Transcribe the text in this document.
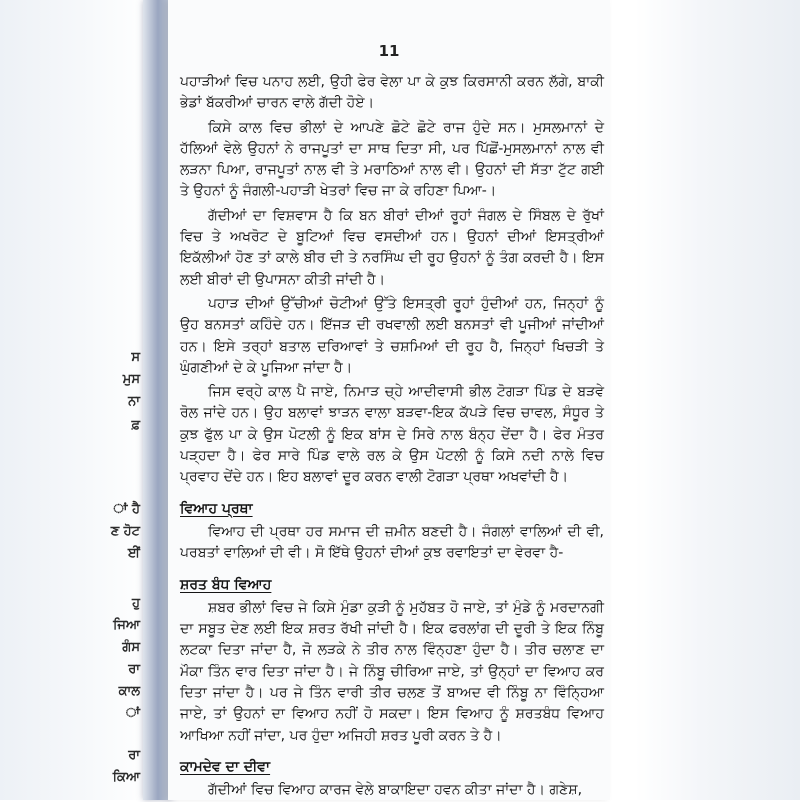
ਸ
ਮੁਸ
ਨਾ
ਫ਼
ਾਂ ਹੈ
ਣ ਹੋਟ
ਈਂ
ਹੁ
ਜਿਆ
ਗੰਸ
ਰਾ
ਕਾਲ
ਾਂ
ਰਾ
ਕਿਆ
11

ਪਹਾੜੀਆਂ ਵਿਚ ਪਨਾਹ ਲਈ, ਉਹੀ ਫੇਰ ਵੇਲਾ ਪਾ ਕੇ ਕੁਝ ਕਿਰਸਾਨੀ ਕਰਨ ਲੱਗੇ, ਬਾਕੀ ਭੇਡਾਂ ਬੱਕਰੀਆਂ ਚਾਰਨ ਵਾਲੇ ਗੱਦੀ ਹੋਏ।

ਕਿਸੇ ਕਾਲ ਵਿਚ ਭੀਲਾਂ ਦੇ ਆਪਣੇ ਛੋਟੇ ਛੋਟੇ ਰਾਜ ਹੁੰਦੇ ਸਨ। ਮੁਸਲਮਾਨਾਂ ਦੇ ਹੱਲਿਆਂ ਵੇਲੇ ਉਹਨਾਂ ਨੇ ਰਾਜਪੂਤਾਂ ਦਾ ਸਾਥ ਦਿਤਾ ਸੀ, ਪਰ ਪਿੱਛੋਂ-ਮੁਸਲਮਾਨਾਂ ਨਾਲ ਵੀ ਲੜਨਾ ਪਿਆ, ਰਾਜਪੂਤਾਂ ਨਾਲ ਵੀ ਤੇ ਮਰਾਠਿਆਂ ਨਾਲ ਵੀ। ਉਹਨਾਂ ਦੀ ਸੱਤਾ ਟੁੱਟ ਗਈ ਤੇ ਉਹਨਾਂ ਨੂੰ ਜੰਗਲੀ-ਪਹਾੜੀ ਖੇਤਰਾਂ ਵਿਚ ਜਾ ਕੇ ਰਹਿਣਾ ਪਿਆ-।

ਗੱਦੀਆਂ ਦਾ ਵਿਸ਼ਵਾਸ ਹੈ ਕਿ ਬਨ ਬੀਰਾਂ ਦੀਆਂ ਰੂਹਾਂ ਜੰਗਲ ਦੇ ਸਿੰਬਲ ਦੇ ਰੁੱਖਾਂ ਵਿਚ ਤੇ ਅਖਰੋਟ ਦੇ ਬੂਟਿਆਂ ਵਿਚ ਵਸਦੀਆਂ ਹਨ। ਉਹਨਾਂ ਦੀਆਂ ਇਸਤ੍ਰੀਆਂ ਇਕੱਲੀਆਂ ਹੋਣ ਤਾਂ ਕਾਲੇ ਬੀਰ ਦੀ ਤੇ ਨਰਸਿੰਘ ਦੀ ਰੂਹ ਉਹਨਾਂ ਨੂੰ ਤੰਗ ਕਰਦੀ ਹੈ। ਇਸ ਲਈ ਬੀਰਾਂ ਦੀ ਉਪਾਸਨਾ ਕੀਤੀ ਜਾਂਦੀ ਹੈ।

ਪਹਾੜ ਦੀਆਂ ਉੱਚੀਆਂ ਚੋਟੀਆਂ ਉੱਤੇ ਇਸਤ੍ਰੀ ਰੂਹਾਂ ਹੁੰਦੀਆਂ ਹਨ, ਜਿਨ੍ਹਾਂ ਨੂੰ ਉਹ ਬਨਸਤਾਂ ਕਹਿੰਦੇ ਹਨ। ਇੱਜੜ ਦੀ ਰਖਵਾਲੀ ਲਈ ਬਨਸਤਾਂ ਵੀ ਪੂਜੀਆਂ ਜਾਂਦੀਆਂ ਹਨ। ਇਸੇ ਤਰ੍ਹਾਂ ਬਤਾਲ ਦਰਿਆਵਾਂ ਤੇ ਚਸ਼ਮਿਆਂ ਦੀ ਰੂਹ ਹੈ, ਜਿਨ੍ਹਾਂ ਖਿਚੜੀ ਤੇ ਘੁੰਗਣੀਆਂ ਦੇ ਕੇ ਪੂਜਿਆ ਜਾਂਦਾ ਹੈ।

ਜਿਸ ਵਰ੍ਹੇ ਕਾਲ ਪੈ ਜਾਏ, ਨਿਮਾੜ ਚ੍ਹੇ ਆਦੀਵਾਸੀ ਭੀਲ ਟੋਗੜਾ ਪਿੰਡ ਦੇ ਬੜਵੇ ਰੋਲ ਜਾਂਦੇ ਹਨ। ਉਹ ਬਲਾਵਾਂ ਝਾੜਨ ਵਾਲਾ ਬੜਵਾ-ਇਕ ਕੱਪੜੇ ਵਿਚ ਚਾਵਲ, ਸੰਧੂਰ ਤੇ ਕੁਝ ਫੁੱਲ ਪਾ ਕੇ ਉਸ ਪੋਟਲੀ ਨੂੰ ਇਕ ਬਾਂਸ ਦੇ ਸਿਰੇ ਨਾਲ ਬੰਨ੍ਹ ਦੇਂਦਾ ਹੈ। ਫੇਰ ਮੰਤਰ ਪੜ੍ਹਦਾ ਹੈ। ਫੇਰ ਸਾਰੇ ਪਿੰਡ ਵਾਲੇ ਰਲ ਕੇ ਉਸ ਪੋਟਲੀ ਨੂੰ ਕਿਸੇ ਨਦੀ ਨਾਲੇ ਵਿਚ ਪ੍ਰਵਾਹ ਦੇਂਦੇ ਹਨ। ਇਹ ਬਲਾਵਾਂ ਦੂਰ ਕਰਨ ਵਾਲੀ ਟੋਗੜਾ ਪ੍ਰਥਾ ਅਖਵਾਂਦੀ ਹੈ।

ਵਿਆਹ ਪ੍ਰਥਾ

ਵਿਆਹ ਦੀ ਪ੍ਰਥਾ ਹਰ ਸਮਾਜ ਦੀ ਜ਼ਮੀਨ ਬਣਦੀ ਹੈ। ਜੰਗਲਾਂ ਵਾਲਿਆਂ ਦੀ ਵੀ, ਪਰਬਤਾਂ ਵਾਲਿਆਂ ਦੀ ਵੀ। ਸੋ ਇੱਥੇ ਉਹਨਾਂ ਦੀਆਂ ਕੁਝ ਰਵਾਇਤਾਂ ਦਾ ਵੇਰਵਾ ਹੈ-

ਸ਼ਰਤ ਬੰਧ ਵਿਆਹ

ਸ਼ਬਰ ਭੀਲਾਂ ਵਿਚ ਜੇ ਕਿਸੇ ਮੁੰਡਾ ਕੁੜੀ ਨੂੰ ਮੁਹੱਬਤ ਹੋ ਜਾਏ, ਤਾਂ ਮੁੰਡੇ ਨੂੰ ਮਰਦਾਨਗੀ ਦਾ ਸਬੂਤ ਦੇਣ ਲਈ ਇਕ ਸ਼ਰਤ ਰੱਖੀ ਜਾਂਦੀ ਹੈ। ਇਕ ਫਰਲਾਂਗ ਦੀ ਦੂਰੀ ਤੇ ਇਕ ਨਿੰਬੂ ਲਟਕਾ ਦਿਤਾ ਜਾਂਦਾ ਹੈ, ਜੋ ਲੜਕੇ ਨੇ ਤੀਰ ਨਾਲ ਵਿੰਨ੍ਹਣਾ ਹੁੰਦਾ ਹੈ। ਤੀਰ ਚਲਾਣ ਦਾ ਮੌਕਾ ਤਿੰਨ ਵਾਰ ਦਿਤਾ ਜਾਂਦਾ ਹੈ। ਜੇ ਨਿੰਬੂ ਚੀਰਿਆ ਜਾਏ, ਤਾਂ ਉਨ੍ਹਾਂ ਦਾ ਵਿਆਹ ਕਰ ਦਿਤਾ ਜਾਂਦਾ ਹੈ। ਪਰ ਜੇ ਤਿੰਨ ਵਾਰੀ ਤੀਰ ਚਲਣ ਤੋਂ ਬਾਅਦ ਵੀ ਨਿੰਬੂ ਨਾ ਵਿੰਨ੍ਹਿਆ ਜਾਏ, ਤਾਂ ਉਹਨਾਂ ਦਾ ਵਿਆਹ ਨਹੀਂ ਹੋ ਸਕਦਾ। ਇਸ ਵਿਆਹ ਨੂੰ ਸ਼ਰਤਬੰਧ ਵਿਆਹ ਆਖਿਆ ਨਹੀਂ ਜਾਂਦਾ, ਪਰ ਹੁੰਦਾ ਅਜਿਹੀ ਸ਼ਰਤ ਪੂਰੀ ਕਰਨ ਤੇ ਹੈ।

ਕਾਮਦੇਵ ਦਾ ਦੀਵਾ

ਗੱਦੀਆਂ ਵਿਚ ਵਿਆਹ ਕਾਰਜ ਵੇਲੇ ਬਾਕਾਇਦਾ ਹਵਨ ਕੀਤਾ ਜਾਂਦਾ ਹੈ। ਗਣੇਸ਼,
